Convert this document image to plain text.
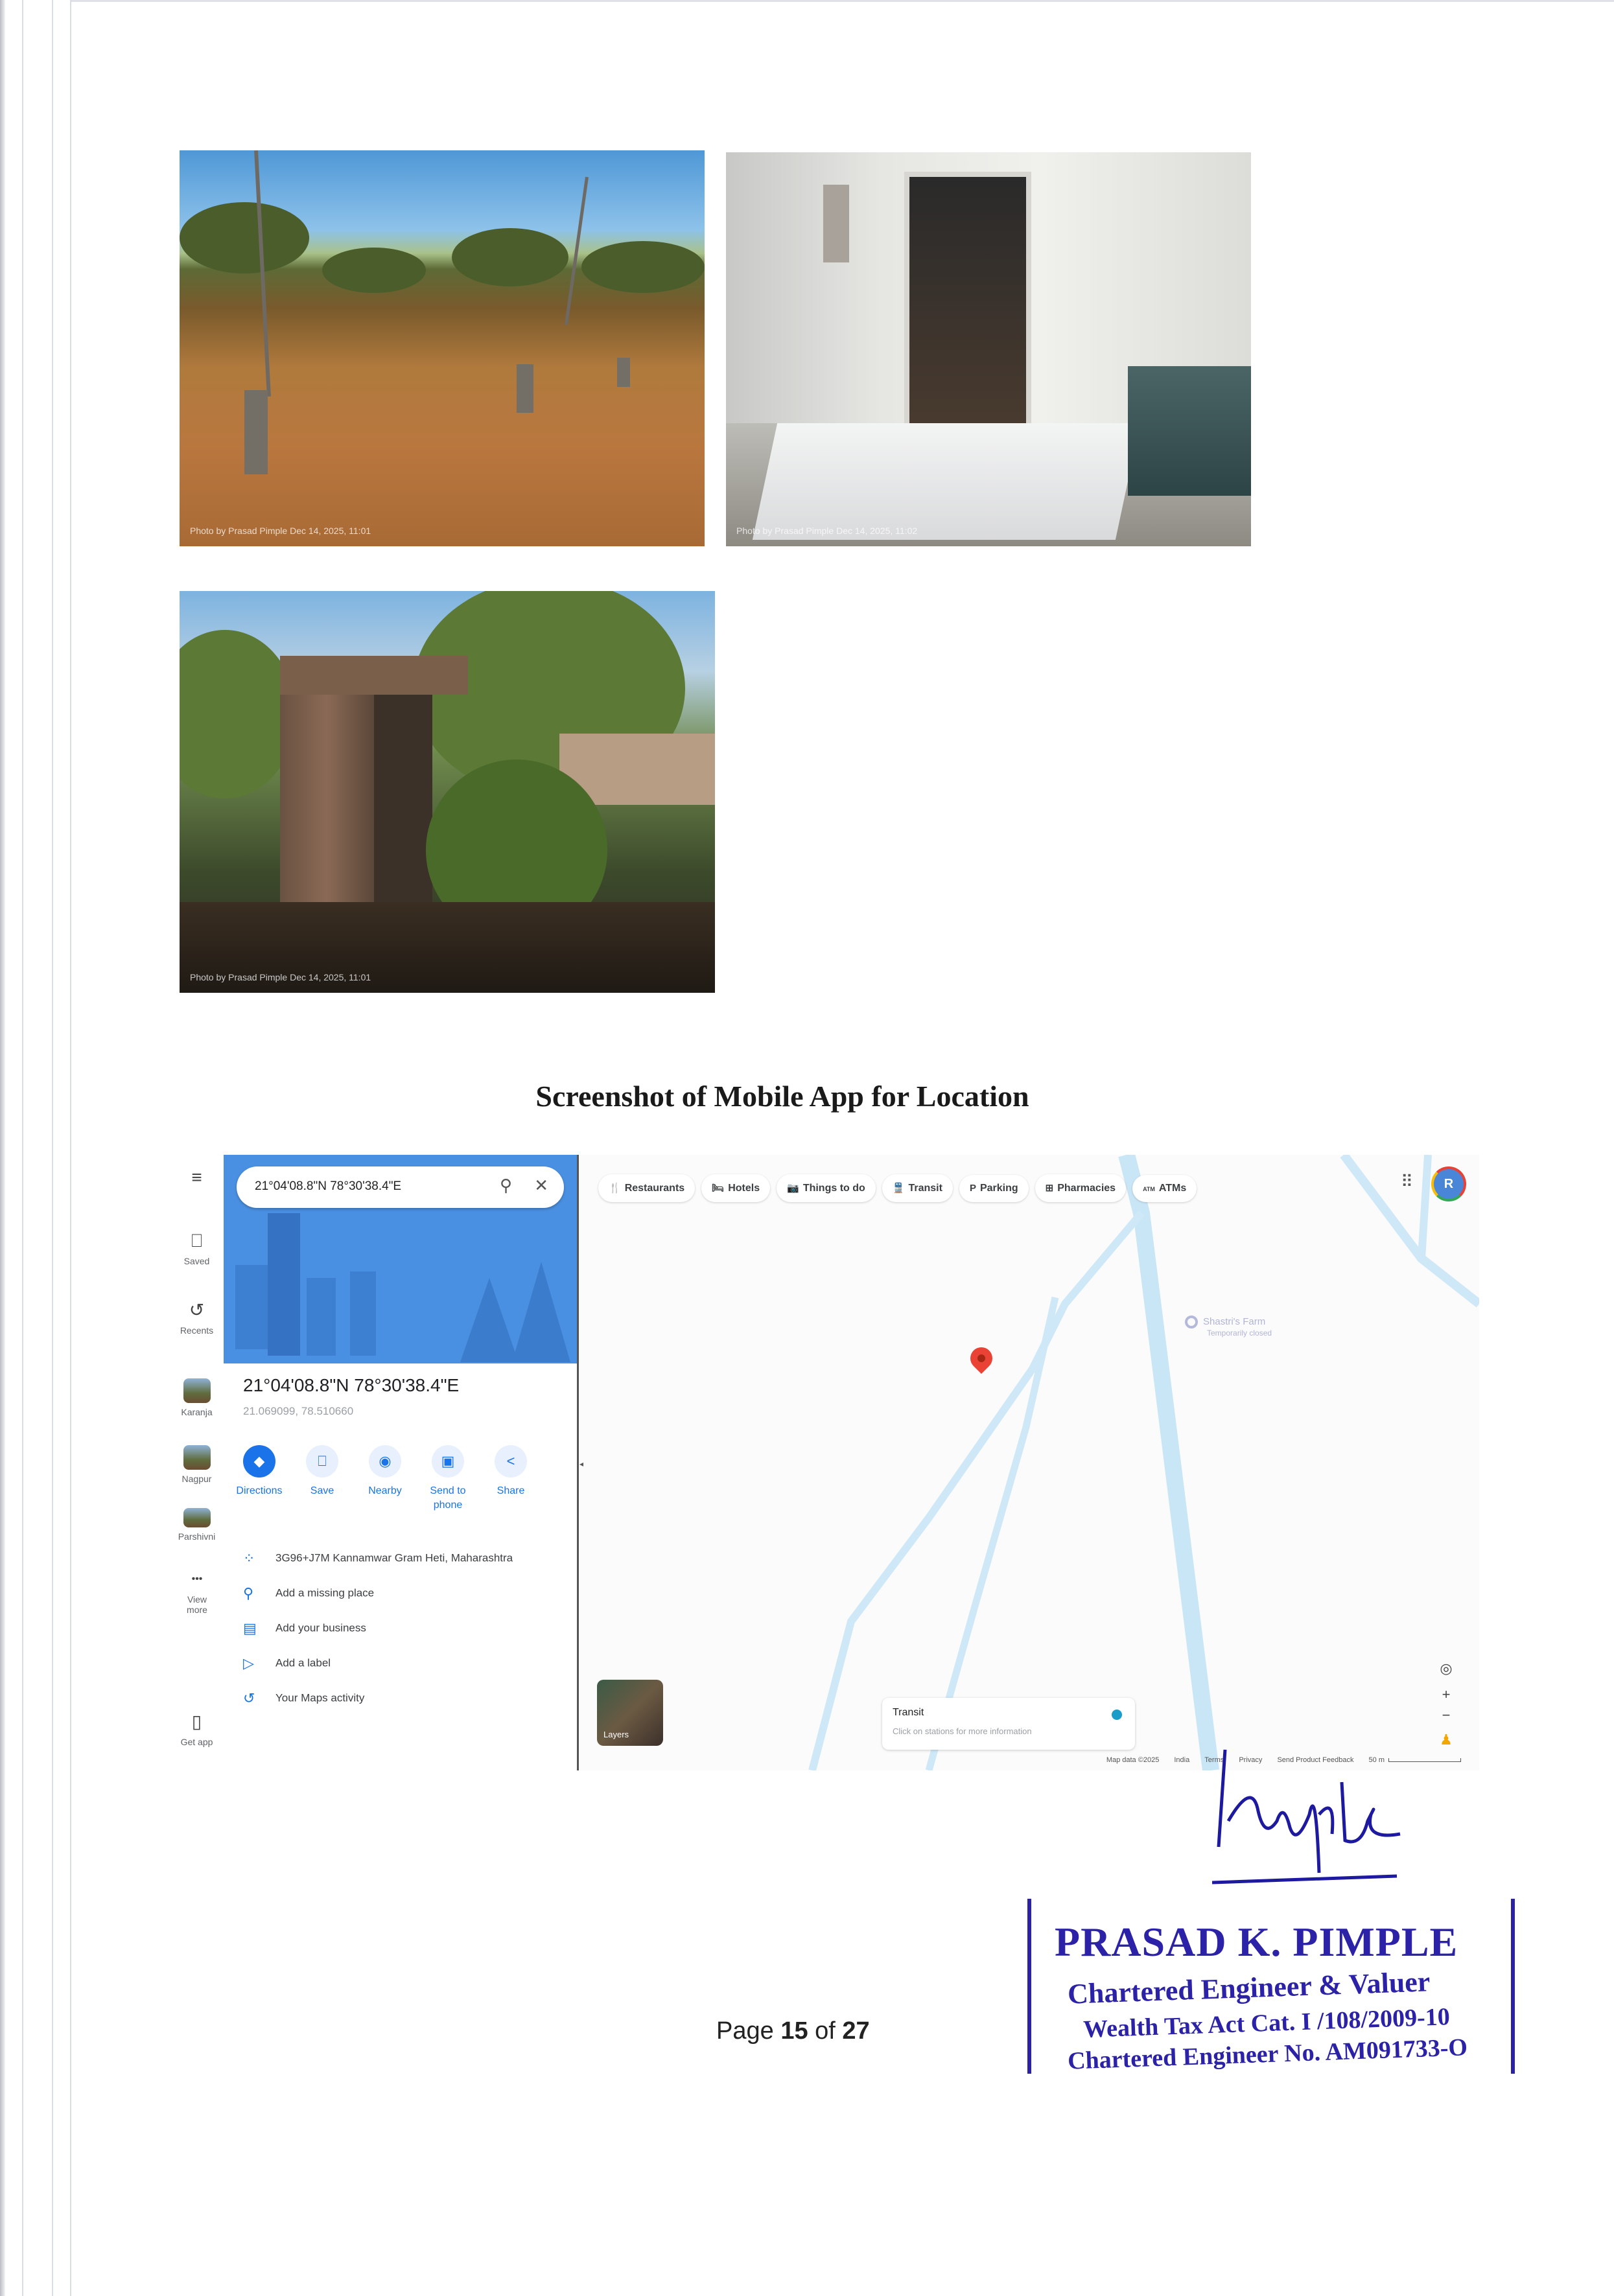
Photo by Prasad Pimple Dec 14, 2025, 11:01	Photo by Prasad Pimple Dec 14, 2025, 11:02
Photo by Prasad Pimple Dec 14, 2025, 11:01
Screenshot of Mobile App for Location
≡
⎕
Saved
↺
Recents
Karanja
Nagpur
Parshivni
•••
View more
▯
Get app
21°04'08.8"N 78°30'38.4"E	⚲ ✕
21°04'08.8"N 78°30'38.4"E
21.069099, 78.510660
◆
Directions
⎕
Save
◉
Nearby
▣
Send to phone
<
Share
⁘ 3G96+J7M Kannamwar Gram Heti, Maharashtra
⚲ Add a missing place
▤ Add your business
▷ Add a label
↺ Your Maps activity
🍴 Restaurants	🛏 Hotels	📷 Things to do	🚆 Transit	P Parking	⊞ Pharmacies	ATM ATMs	⠿	R
Shastri's Farm
Temporarily closed
Layers
Transit
Click on stations for more information
◎
+
−
♟
Map data ©2025 India Terms Privacy Send Product Feedback 50 m
◂
PRASAD K. PIMPLE
Chartered Engineer & Valuer
Wealth Tax Act Cat. I /108/2009-10
Chartered Engineer No. AM091733-O
Page 15 of 27
